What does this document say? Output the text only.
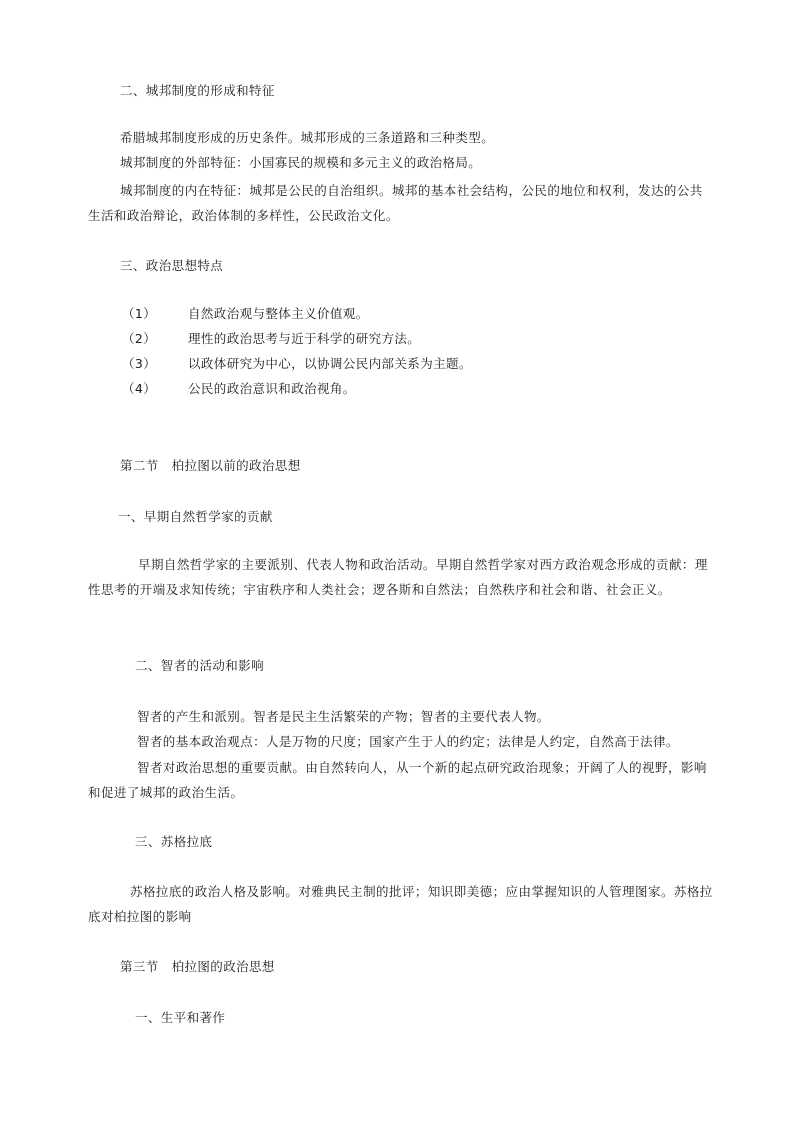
二、城邦制度的形成和特征
希腊城邦制度形成的历史条件。城邦形成的三条道路和三种类型。
城邦制度的外部特征：小国寡民的规模和多元主义的政治格局。
城邦制度的内在特征：城邦是公民的自治组织。城邦的基本社会结构，公民的地位和权利，发达的公共生活和政治辩论，政治体制的多样性，公民政治文化。
三、政治思想特点
（1）	自然政治观与整体主义价值观。
（2）	理性的政治思考与近于科学的研究方法。
（3）	以政体研究为中心，以协调公民内部关系为主题。
（4）	公民的政治意识和政治视角。
第二节　柏拉图以前的政治思想
一、早期自然哲学家的贡献
早期自然哲学家的主要派别、代表人物和政治活动。早期自然哲学家对西方政治观念形成的贡献：理性思考的开端及求知传统；宇宙秩序和人类社会；逻各斯和自然法；自然秩序和社会和谐、社会正义。
二、智者的活动和影响
智者的产生和派别。智者是民主生活繁荣的产物；智者的主要代表人物。
智者的基本政治观点：人是万物的尺度；国家产生于人的约定；法律是人约定，自然高于法律。
智者对政治思想的重要贡献。由自然转向人，从一个新的起点研究政治现象；开阔了人的视野，影响和促进了城邦的政治生活。
三、苏格拉底
苏格拉底的政治人格及影响。对雅典民主制的批评；知识即美德；应由掌握知识的人管理图家。苏格拉底对柏拉图的影响
第三节　柏拉图的政治思想
一、生平和著作
